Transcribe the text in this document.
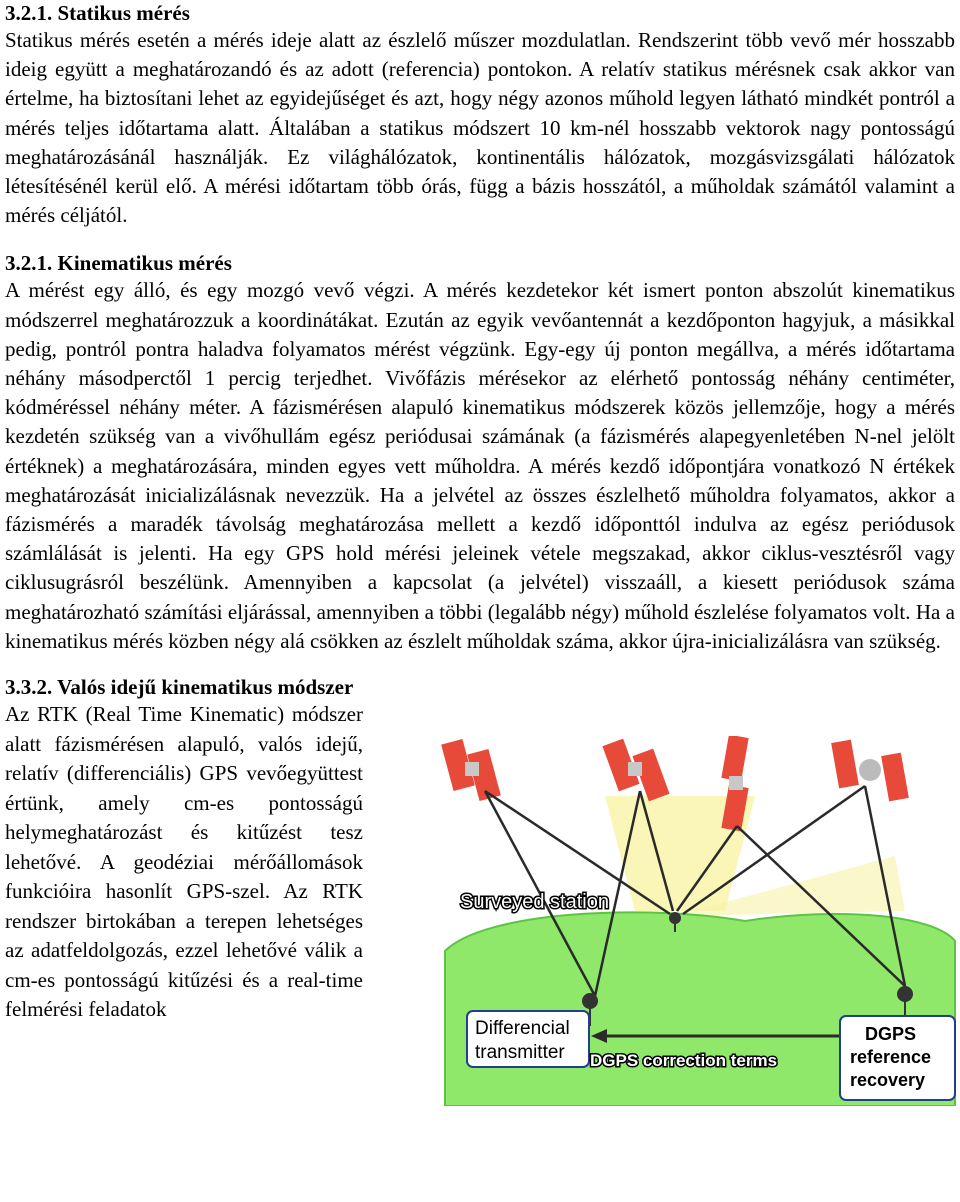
3.2.1. Statikus mérés

Statikus mérés esetén a mérés ideje alatt az észlelő műszer mozdulatlan. Rendszerint több vevő mér hosszabb ideig együtt a meghatározandó és az adott (referencia) pontokon. A relatív statikus mérésnek csak akkor van értelme, ha biztosítani lehet az egyidejűséget és azt, hogy négy azonos műhold legyen látható mindkét pontról a mérés teljes időtartama alatt. Általában a statikus módszert 10 km-nél hosszabb vektorok nagy pontosságú meghatározásánál használják. Ez világhálózatok, kontinentális hálózatok, mozgásvizsgálati hálózatok létesítésénél kerül elő. A mérési időtartam több órás, függ a bázis hosszától, a műholdak számától valamint a mérés céljától.

3.2.1. Kinematikus mérés

A mérést egy álló, és egy mozgó vevő végzi. A mérés kezdetekor két ismert ponton abszolút kinematikus módszerrel meghatározzuk a koordinátákat. Ezután az egyik vevőantennát a kezdőponton hagyjuk, a másikkal pedig, pontról pontra haladva folyamatos mérést végzünk. Egy-egy új ponton megállva, a mérés időtartama néhány másodperctől 1 percig terjedhet. Vivőfázis mérésekor az elérhető pontosság néhány centiméter, kódméréssel néhány méter. A fázismérésen alapuló kinematikus módszerek közös jellemzője, hogy a mérés kezdetén szükség van a vivőhullám egész periódusai számának (a fázismérés alapegyenletében N-nel jelölt értéknek) a meghatározására, minden egyes vett műholdra. A mérés kezdő időpontjára vonatkozó N értékek meghatározását inicializálásnak nevezzük. Ha a jelvétel az összes észlelhető műholdra folyamatos, akkor a fázismérés a maradék távolság meghatározása mellett a kezdő időponttól indulva az egész periódusok számlálását is jelenti. Ha egy GPS hold mérési jeleinek vétele megszakad, akkor ciklus-vesztésről vagy ciklusugrásról beszélünk. Amennyiben a kapcsolat (a jelvétel) visszaáll, a kiesett periódusok száma meghatározható számítási eljárással, amennyiben a többi (legalább négy) műhold észlelése folyamatos volt. Ha a kinematikus mérés közben négy alá csökken az észlelt műholdak száma, akkor újra-inicializálásra van szükség.

3.3.2. Valós idejű kinematikus módszer

Az RTK (Real Time Kinematic) módszer alatt fázismérésen alapuló, valós idejű, relatív (differenciális) GPS vevőegyüttest értünk, amely cm-es pontosságú helymeghatározást és kitűzést tesz lehetővé. A geodéziai mérőállomások funkcióira hasonlít GPS-szel. Az RTK rendszer birtokában a terepen lehetséges az adatfeldolgozás, ezzel lehetővé válik a cm-es pontosságú kitűzési és a real-time felmérési feladatok

Surveyed station
Differencial
transmitter DGPS correction terms
DGPS
reference
recovery
